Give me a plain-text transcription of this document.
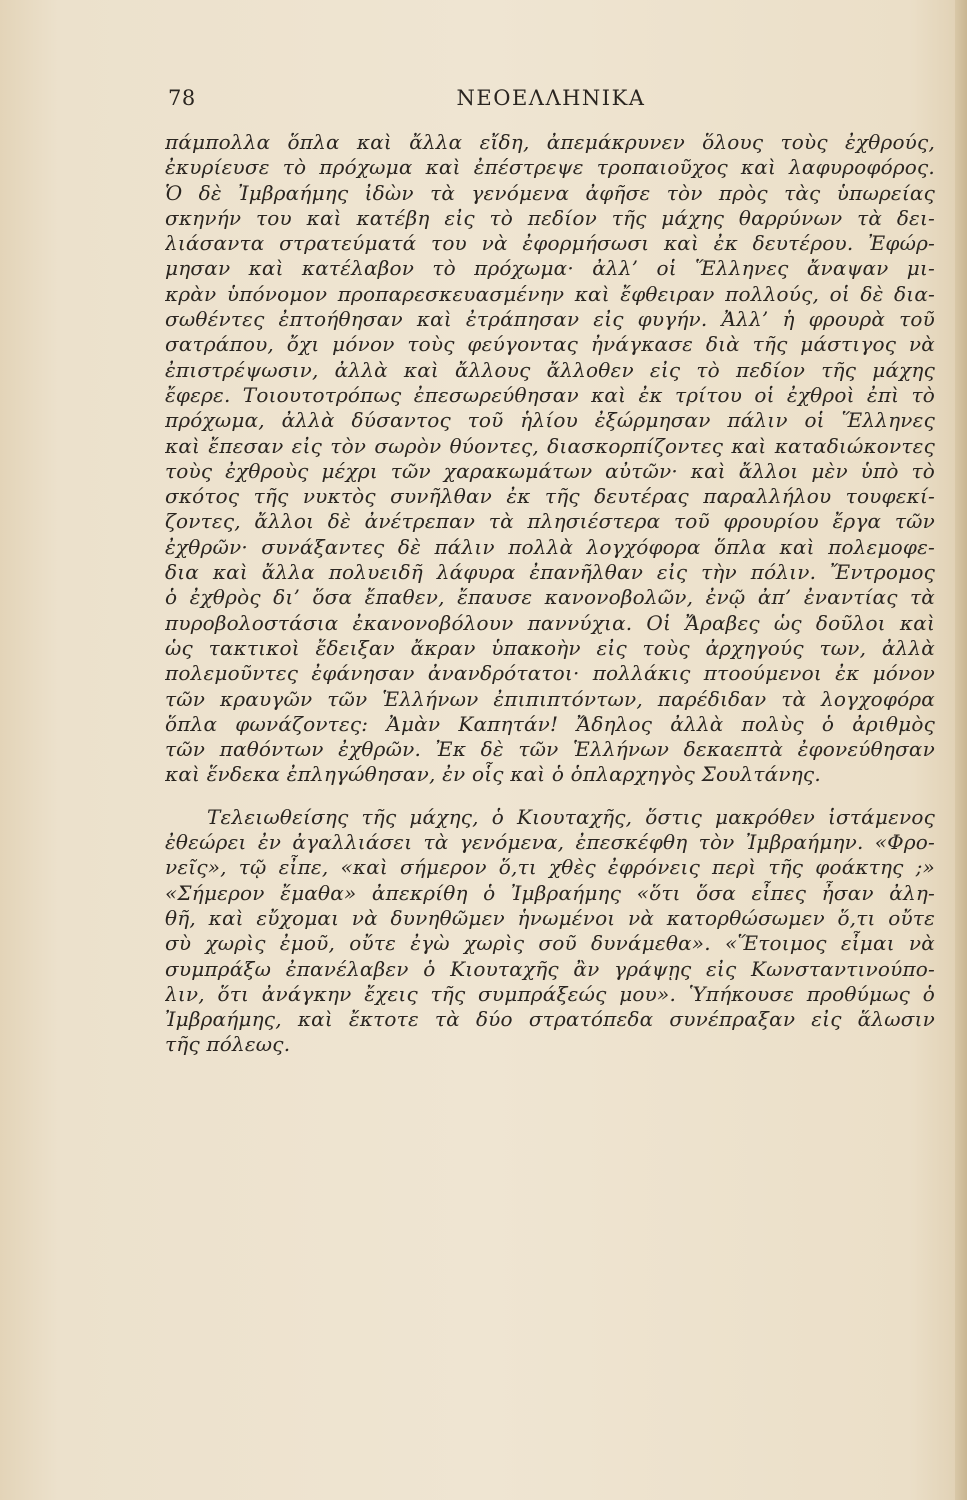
78	ΝΕΟΕΛΛΗΝΙΚΑ
πάμπολλα ὅπλα καὶ ἄλλα εἴδη, ἀπεμάκρυνεν ὅλους τοὺς ἐχθρούς,
ἐκυρίευσε τὸ πρόχωμα καὶ ἐπέστρεψε τροπαιοῦχος καὶ λαφυροφόρος.
Ὁ δὲ Ἰμβραήμης ἰδὼν τὰ γενόμενα ἀφῆσε τὸν πρὸς τὰς ὑπωρείας
σκηνήν του καὶ κατέβη εἰς τὸ πεδίον τῆς μάχης θαρρύνων τὰ δει-
λιάσαντα στρατεύματά του νὰ ἐφορμήσωσι καὶ ἐκ δευτέρου. Ἐφώρ-
μησαν καὶ κατέλαβον τὸ πρόχωμα· ἀλλ’ οἱ Ἕλληνες ἄναψαν μι-
κρὰν ὑπόνομον προπαρεσκευασμένην καὶ ἔφθειραν πολλούς, οἱ δὲ δια-
σωθέντες ἐπτοήθησαν καὶ ἐτράπησαν εἰς φυγήν. Ἀλλ’ ἡ φρουρὰ τοῦ
σατράπου, ὄχι μόνον τοὺς φεύγοντας ἠνάγκασε διὰ τῆς μάστιγος νὰ
ἐπιστρέψωσιν, ἀλλὰ καὶ ἄλλους ἄλλοθεν εἰς τὸ πεδίον τῆς μάχης
ἔφερε. Τοιουτοτρόπως ἐπεσωρεύθησαν καὶ ἐκ τρίτου οἱ ἐχθροὶ ἐπὶ τὸ
πρόχωμα, ἀλλὰ δύσαντος τοῦ ἡλίου ἐξώρμησαν πάλιν οἱ Ἕλληνες
καὶ ἔπεσαν εἰς τὸν σωρὸν θύοντες, διασκορπίζοντες καὶ καταδιώκοντες
τοὺς ἐχθροὺς μέχρι τῶν χαρακωμάτων αὐτῶν· καὶ ἄλλοι μὲν ὑπὸ τὸ
σκότος τῆς νυκτὸς συνῆλθαν ἐκ τῆς δευτέρας παραλλήλου τουφεκί-
ζοντες, ἄλλοι δὲ ἀνέτρεπαν τὰ πλησιέστερα τοῦ φρουρίου ἔργα τῶν
ἐχθρῶν· συνάξαντες δὲ πάλιν πολλὰ λογχόφορα ὅπλα καὶ πολεμοφε-
δια καὶ ἄλλα πολυειδῆ λάφυρα ἐπανῆλθαν εἰς τὴν πόλιν. Ἔντρομος
ὁ ἐχθρὸς δι’ ὅσα ἔπαθεν, ἔπαυσε κανονοβολῶν, ἐνῷ ἀπ’ ἐναντίας τὰ
πυροβολοστάσια ἐκανονοβόλουν παννύχια. Οἱ Ἄραβες ὡς δοῦλοι καὶ
ὡς τακτικοὶ ἔδειξαν ἄκραν ὑπακοὴν εἰς τοὺς ἀρχηγούς των, ἀλλὰ
πολεμοῦντες ἐφάνησαν ἀνανδρότατοι· πολλάκις πτοούμενοι ἐκ μόνον
τῶν κραυγῶν τῶν Ἑλλήνων ἐπιπιπτόντων, παρέδιδαν τὰ λογχοφόρα
ὅπλα φωνάζοντες: Ἀμὰν Καπητάν! Ἄδηλος ἀλλὰ πολὺς ὁ ἀριθμὸς
τῶν παθόντων ἐχθρῶν. Ἐκ δὲ τῶν Ἑλλήνων δεκαεπτὰ ἐφονεύθησαν
καὶ ἕνδεκα ἐπληγώθησαν, ἐν οἷς καὶ ὁ ὁπλαρχηγὸς Σουλτάνης.
Τελειωθείσης τῆς μάχης, ὁ Κιουταχῆς, ὅστις μακρόθεν ἱστάμενος
ἐθεώρει ἐν ἀγαλλιάσει τὰ γενόμενα, ἐπεσκέφθη τὸν Ἰμβραήμην. «Φρο-
νεῖς», τῷ εἶπε, «καὶ σήμερον ὅ,τι χθὲς ἐφρόνεις περὶ τῆς φοάκτης ;»
«Σήμερον ἔμαθα» ἀπεκρίθη ὁ Ἰμβραήμης «ὅτι ὅσα εἶπες ἦσαν ἀλη-
θῆ, καὶ εὔχομαι νὰ δυνηθῶμεν ἡνωμένοι νὰ κατορθώσωμεν ὅ,τι οὔτε
σὺ χωρὶς ἐμοῦ, οὔτε ἐγὼ χωρὶς σοῦ δυνάμεθα». «Ἕτοιμος εἶμαι νὰ
συμπράξω ἐπανέλαβεν ὁ Κιουταχῆς ἂν γράψῃς εἰς Κωνσταντινούπο-
λιν, ὅτι ἀνάγκην ἔχεις τῆς συμπράξεώς μου». Ὑπήκουσε προθύμως ὁ
Ἰμβραήμης, καὶ ἔκτοτε τὰ δύο στρατόπεδα συνέπραξαν εἰς ἅλωσιν
τῆς πόλεως.
